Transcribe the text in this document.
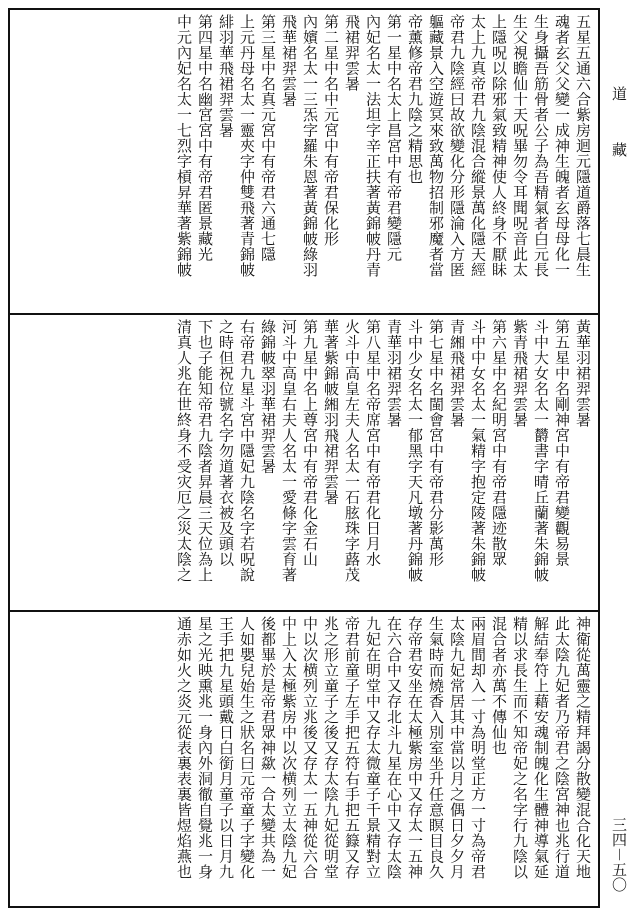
五星五通六合紫房迴元隱道爵落七晨生
魂者玄父父變一成神生魄者玄母母化一
生身攝吾筋骨者公子為吾精氣者白元長
生父視瞻仙十天呪畢勿令耳聞呪音此太
上隱呪以除邪氣致精神使人終身不厭眛
太上九真帝君九陰混合縱景萬化隱天經
帝君九陰經曰故欲變化分形隱淪入方匿
軀藏景入空遊冥來致萬物招制邪魔者當
帝薰修帝君九陰之精思也
第一星中名太上昌宮中有帝君變隱元
內妃名太一法坦字辛正扶著黃錦帔丹青
飛裙羿雲暑
第二星中名中元宮中有帝君保化形
內嬪名太一三炁字羅朱恩著黃錦帔綠羽
飛華裙羿雲暑
第三星中名真元宮中有帝君六通七隱
上元丹母名太一靈夾字仲雙飛著青錦帔
緋羽華飛裙羿雲暑
第四星中名幽宮宮中有帝君匿景藏光
中元內妃名太一七烈字槓昇華著紫錦帔
黃華羽裙羿雲暑
第五星中名剛神宮中有帝君變觀易景
斗中大女名太一欝書字晴丘蘭著朱錦帔
紫青飛裙羿雲暑
第六星中名紀明宮中有帝君隱迹散眾
斗中中女名太一氣精字抱定陵著朱錦帔
青緗飛裙羿雲暑
第七星中名閩會宮中有帝君分影萬形
斗中少女名太一郁黑字天凡墩著丹錦帔
青華羽裙羿雲暑
第八星中名帝席宮中有帝君化日月水
火斗中高皇左夫人名太一石胘珠字蕗茂
華著紫錦帔緗羽飛裙羿雲暑
第九星中名上尊宮中有帝君化金石山
河斗中高皇右夫人名太一愛條字雲育著
綠錦帔翠羽華裙羿雲暑
右帝君九星斗宮中隱妃九陰名字若呪說
之時但祝位號名字勿道著衣被及頭以
下也子能知帝君九陰者昇晨三天位為上
清真人兆在世終身不受灾厄之災太陰之
神衛從萬靈之精拜謁分散變混合化天地
此太陰九妃者乃帝君之陰宮神也兆行道
解結奉符上藉安魂制魄化生體神導氣延
精以求長生而不知帝妃之名字行九陰以
混合者亦萬不傳仙也
兩眉間却入一寸為明堂正方一寸為帝君
太陰九妃常居其中當以月之偶日夕夕月
生氣時而燒香入別室坐升任意瞑目良久
存帝君安坐在太極紫房中又存太一五神
在六合中又存北斗九星在心中又存太陰
九妃在明堂中又存太微童子千景精對立
帝君前童子左手把五符右手把五籙又存
兆之形立童子之後又存太陰九妃從明堂
中以次横列立兆後又存太一五神從六合
中上入太極紫房中以次横列立太陰九妃
後都畢於是帝君眾神歘一合太變共為一
人如嬰兒始生之狀名曰元帝童子字變化
王手把九星頭戴日白銜月童子以日月九
星之光映熏兆一身內外洞徹自覺兆一身
通赤如火之炎元從表裏表裏皆煜焰燕也
道 藏
三四－五〇
